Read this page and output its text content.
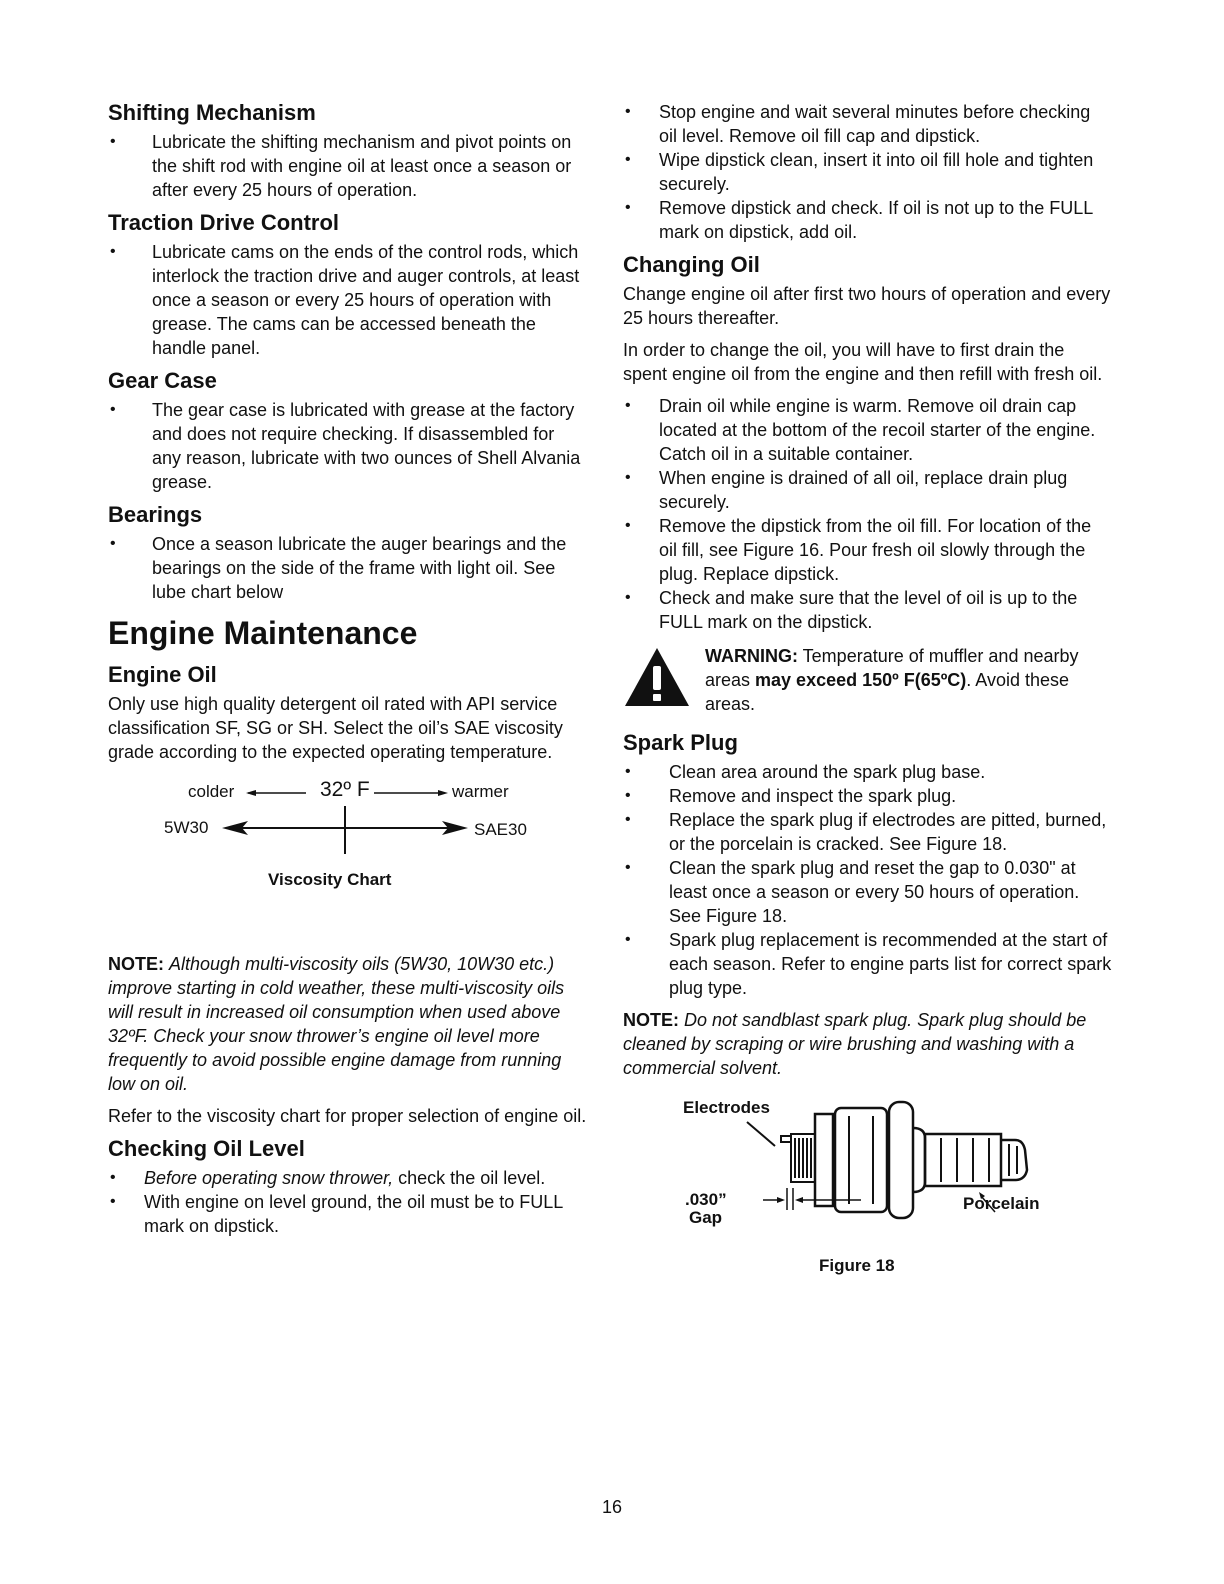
Shifting Mechanism
• Lubricate the shifting mechanism and pivot points on the shift rod with engine oil at least once a season or after every 25 hours of operation.
Traction Drive Control
• Lubricate cams on the ends of the control rods, which interlock the traction drive and auger controls, at least once a season or every 25 hours of operation with grease. The cams can be accessed beneath the handle panel.
Gear Case
• The gear case is lubricated with grease at the factory and does not require checking. If disassembled for any reason, lubricate with two ounces of Shell Alvania grease.
Bearings
• Once a season lubricate the auger bearings and the bearings on the side of the frame with light oil. See lube chart below
Engine Maintenance
Engine Oil

Only use high quality detergent oil rated with API service classification SF, SG or SH. Select the oil’s SAE viscosity grade according to the expected operating temperature.

colder	32º F	warmer
5W30	SAE30
Viscosity Chart

NOTE: Although multi-viscosity oils (5W30, 10W30 etc.) improve starting in cold weather, these multi-viscosity oils will result in increased oil consumption when used above 32ºF. Check your snow thrower’s engine oil level more frequently to avoid possible engine damage from running low on oil.

Refer to the viscosity chart for proper selection of engine oil.

Checking Oil Level
• Before operating snow thrower, check the oil level.
• With engine on level ground, the oil must be to FULL mark on dipstick.
• Stop engine and wait several minutes before checking oil level. Remove oil fill cap and dipstick.
• Wipe dipstick clean, insert it into oil fill hole and tighten securely.
• Remove dipstick and check. If oil is not up to the FULL mark on dipstick, add oil.
Changing Oil

Change engine oil after first two hours of operation and every 25 hours thereafter.

In order to change the oil, you will have to first drain the spent engine oil from the engine and then refill with fresh oil.

• Drain oil while engine is warm. Remove oil drain cap located at the bottom of the recoil starter of the engine. Catch oil in a suitable container.
• When engine is drained of all oil, replace drain plug securely.
• Remove the dipstick from the oil fill. For location of the oil fill, see Figure 16. Pour fresh oil slowly through the plug. Replace dipstick.
• Check and make sure that the level of oil is up to the FULL mark on the dipstick.

WARNING: Temperature of muffler and nearby areas may exceed 150º F(65ºC). Avoid these areas.

Spark Plug
• Clean area around the spark plug base.
• Remove and inspect the spark plug.
• Replace the spark plug if electrodes are pitted, burned, or the porcelain is cracked. See Figure 18.
• Clean the spark plug and reset the gap to 0.030" at least once a season or every 50 hours of operation. See Figure 18.
• Spark plug replacement is recommended at the start of each season. Refer to engine parts list for correct spark plug type.

NOTE: Do not sandblast spark plug. Spark plug should be cleaned by scraping or wire brushing and washing with a commercial solvent.

Electrodes
.030”
Gap
Porcelain
Figure 18
16
